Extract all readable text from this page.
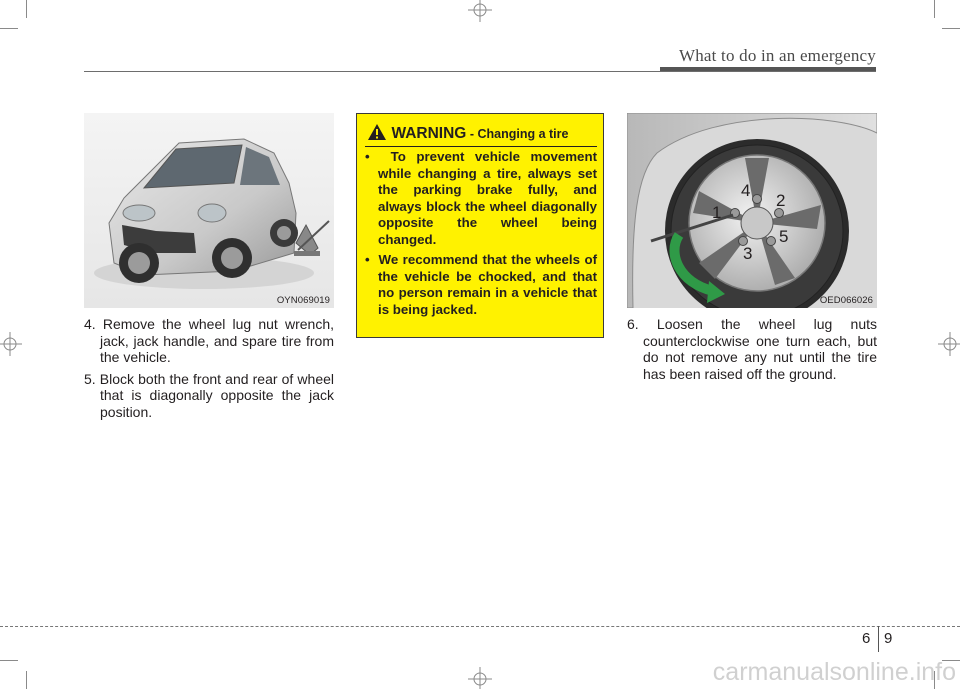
What to do in an emergency
OYN069019
4. Remove the wheel lug nut wrench, jack, jack handle, and spare tire from the vehicle.
5. Block both the front and rear of wheel that is diagonally opposite the jack position.
WARNING - Changing a tire
•  To prevent vehicle movement while changing a tire, always set the parking brake fully, and always block the wheel diagonally opposite the wheel being changed.
•  We recommend that the wheels of the vehicle be chocked, and that no person remain in a vehicle that is being jacked.
1
2
3
4
5
OED066026
6. Loosen the wheel lug nuts counterclockwise one turn each, but do not remove any nut until the tire has been raised off the ground.
6 9
carmanualsonline.info
